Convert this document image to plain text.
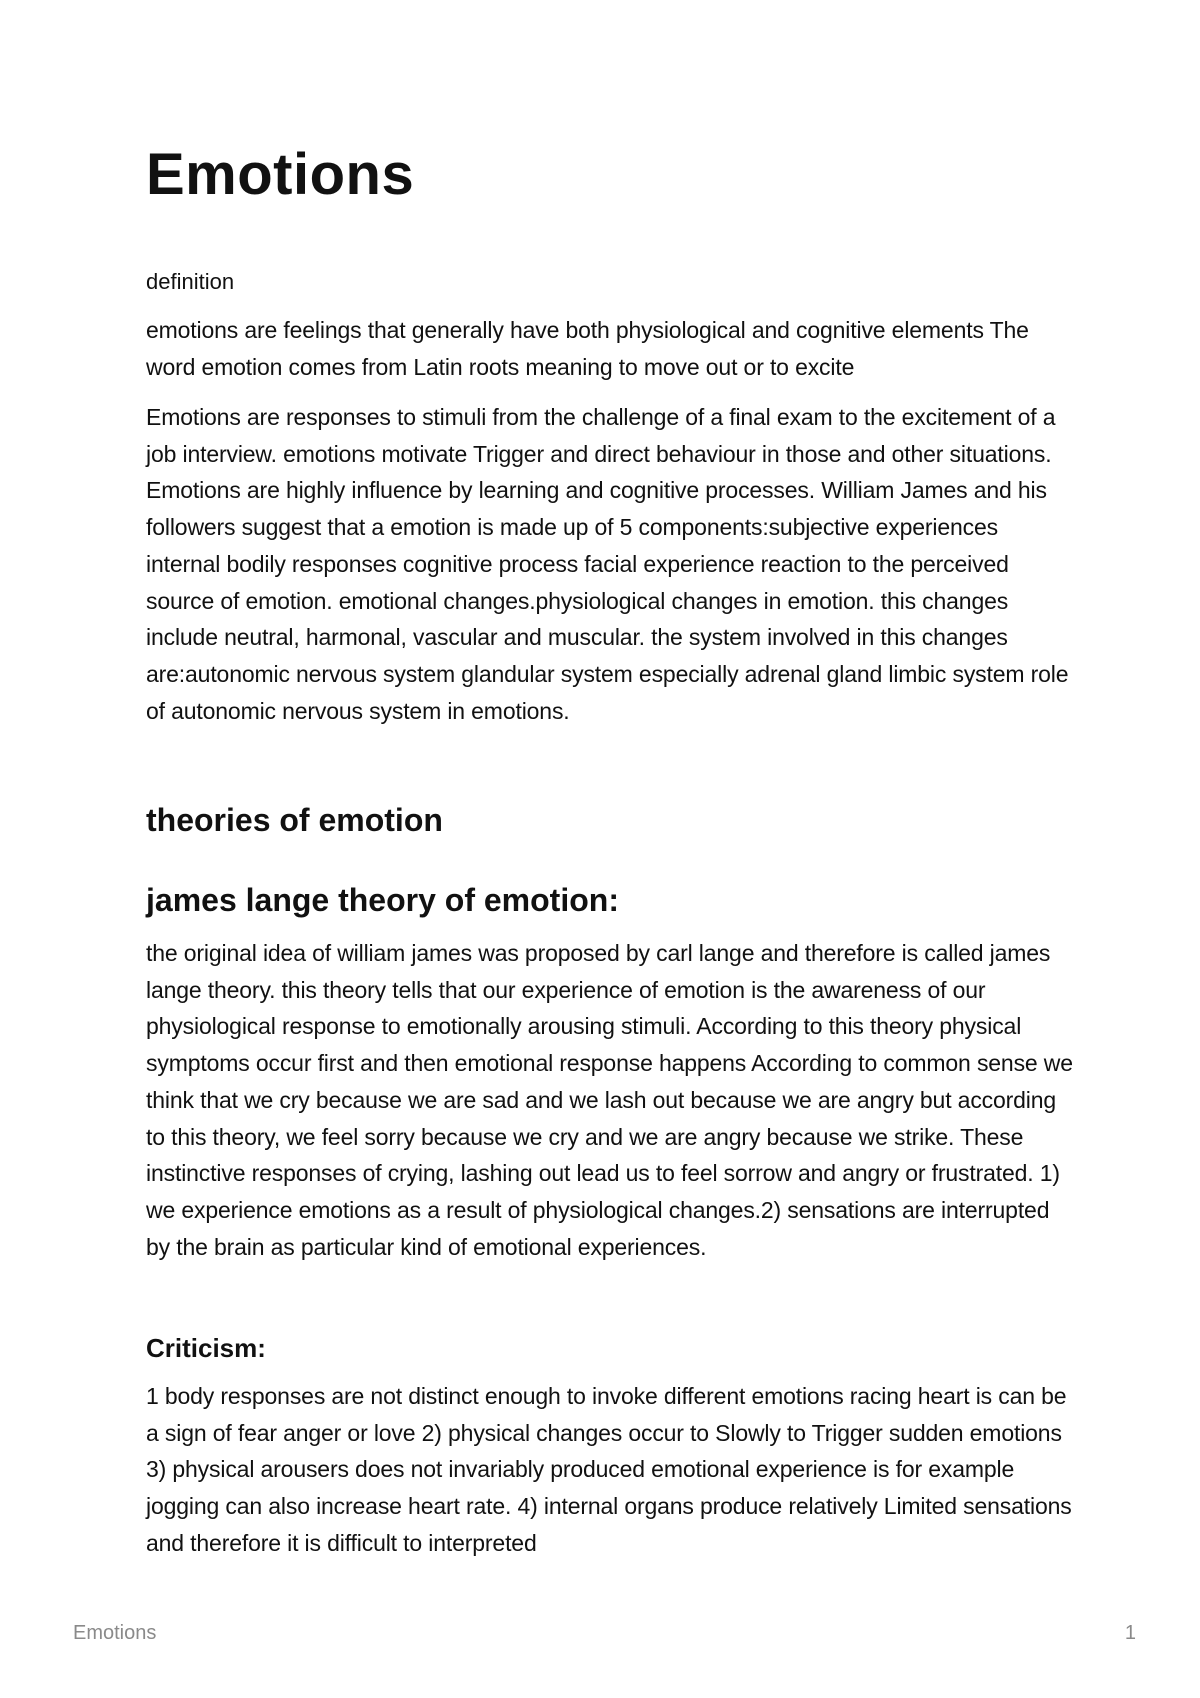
Emotions

definition

emotions are feelings that generally have both physiological and cognitive elements The word emotion comes from Latin roots meaning to move out or to excite

Emotions are responses to stimuli from the challenge of a final exam to the excitement of a job interview. emotions motivate Trigger and direct behaviour in those and other situations. Emotions are highly influence by learning and cognitive processes. William James and his followers suggest that a emotion is made up of 5 components:subjective experiences internal bodily responses cognitive process facial experience reaction to the perceived source of emotion. emotional changes.physiological changes in emotion. this changes include neutral, harmonal, vascular and muscular. the system involved in this changes are:autonomic nervous system glandular system especially adrenal gland limbic system role of autonomic nervous system in emotions.

theories of emotion
james lange theory of emotion:

the original idea of william james was proposed by carl lange and therefore is called james lange theory. this theory tells that our experience of emotion is the awareness of our physiological response to emotionally arousing stimuli. According to this theory physical symptoms occur first and then emotional response happens According to common sense we think that we cry because we are sad and we lash out because we are angry but according to this theory, we feel sorry because we cry and we are angry because we strike. These instinctive responses of crying, lashing out lead us to feel sorrow and angry or frustrated. 1) we experience emotions as a result of physiological changes.2) sensations are interrupted by the brain as particular kind of emotional experiences.

Criticism:

1 body responses are not distinct enough to invoke different emotions racing heart is can be a sign of fear anger or love 2) physical changes occur to Slowly to Trigger sudden emotions 3) physical arousers does not invariably produced emotional experience is for example jogging can also increase heart rate. 4) internal organs produce relatively Limited sensations and therefore it is difficult to interpreted

Emotions	1
